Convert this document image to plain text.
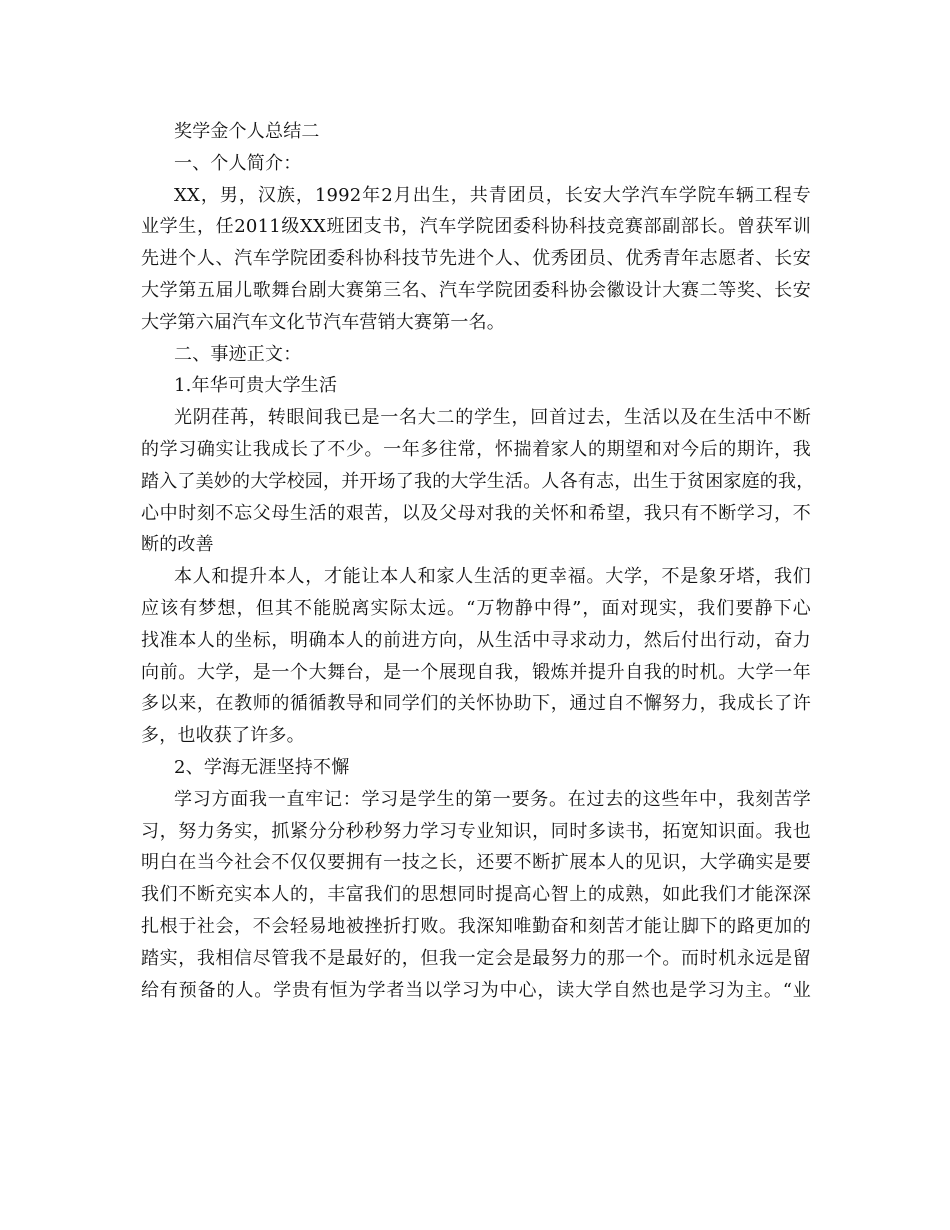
奖学金个人总结二
一、个人简介：
XX，男，汉族，1992年2月出生，共青团员，长安大学汽车学院车辆工程专
业学生，任2011级XX班团支书，汽车学院团委科协科技竞赛部副部长。曾获军训
先进个人、汽车学院团委科协科技节先进个人、优秀团员、优秀青年志愿者、长安
大学第五届儿歌舞台剧大赛第三名、汽车学院团委科协会徽设计大赛二等奖、长安
大学第六届汽车文化节汽车营销大赛第一名。
二、事迹正文：
1.年华可贵大学生活
光阴荏苒，转眼间我已是一名大二的学生，回首过去，生活以及在生活中不断
的学习确实让我成长了不少。一年多往常，怀揣着家人的期望和对今后的期许，我
踏入了美妙的大学校园，并开场了我的大学生活。人各有志，出生于贫困家庭的我，
心中时刻不忘父母生活的艰苦，以及父母对我的关怀和希望，我只有不断学习，不
断的改善
本人和提升本人，才能让本人和家人生活的更幸福。大学，不是象牙塔，我们
应该有梦想，但其不能脱离实际太远。“万物静中得”，面对现实，我们要静下心
找准本人的坐标，明确本人的前进方向，从生活中寻求动力，然后付出行动，奋力
向前。大学，是一个大舞台，是一个展现自我，锻炼并提升自我的时机。大学一年
多以来，在教师的循循教导和同学们的关怀协助下，通过自不懈努力，我成长了许
多，也收获了许多。
2、学海无涯坚持不懈
学习方面我一直牢记：学习是学生的第一要务。在过去的这些年中，我刻苦学
习，努力务实，抓紧分分秒秒努力学习专业知识，同时多读书，拓宽知识面。我也
明白在当今社会不仅仅要拥有一技之长，还要不断扩展本人的见识，大学确实是要
我们不断充实本人的，丰富我们的思想同时提高心智上的成熟，如此我们才能深深
扎根于社会，不会轻易地被挫折打败。我深知唯勤奋和刻苦才能让脚下的路更加的
踏实，我相信尽管我不是最好的，但我一定会是最努力的那一个。而时机永远是留
给有预备的人。学贵有恒为学者当以学习为中心，读大学自然也是学习为主。“业
